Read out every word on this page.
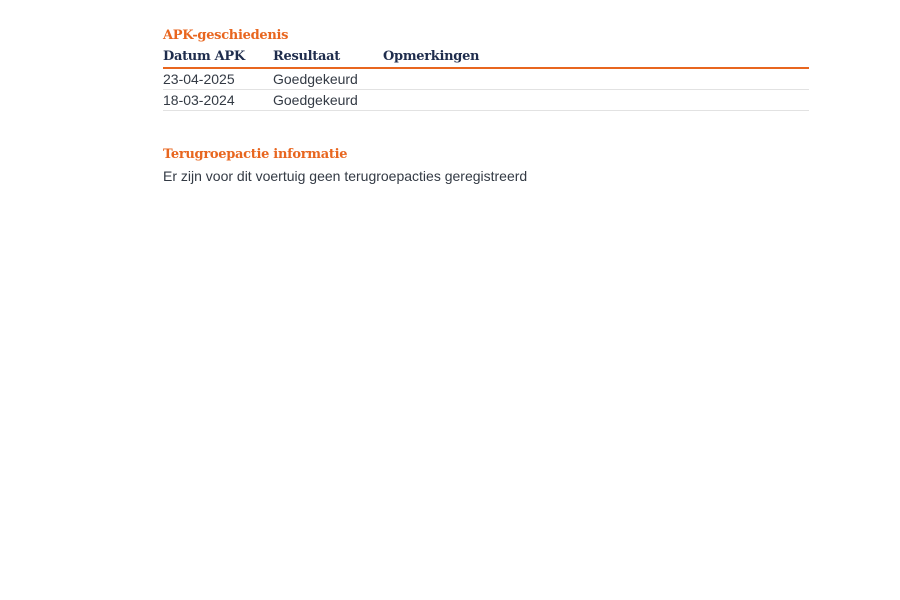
APK-geschiedenis
Datum APK	Resultaat	Opmerkingen
23-04-2025	Goedgekeurd	
18-03-2024	Goedgekeurd	
Terugroepactie informatie
Er zijn voor dit voertuig geen terugroepacties geregistreerd
